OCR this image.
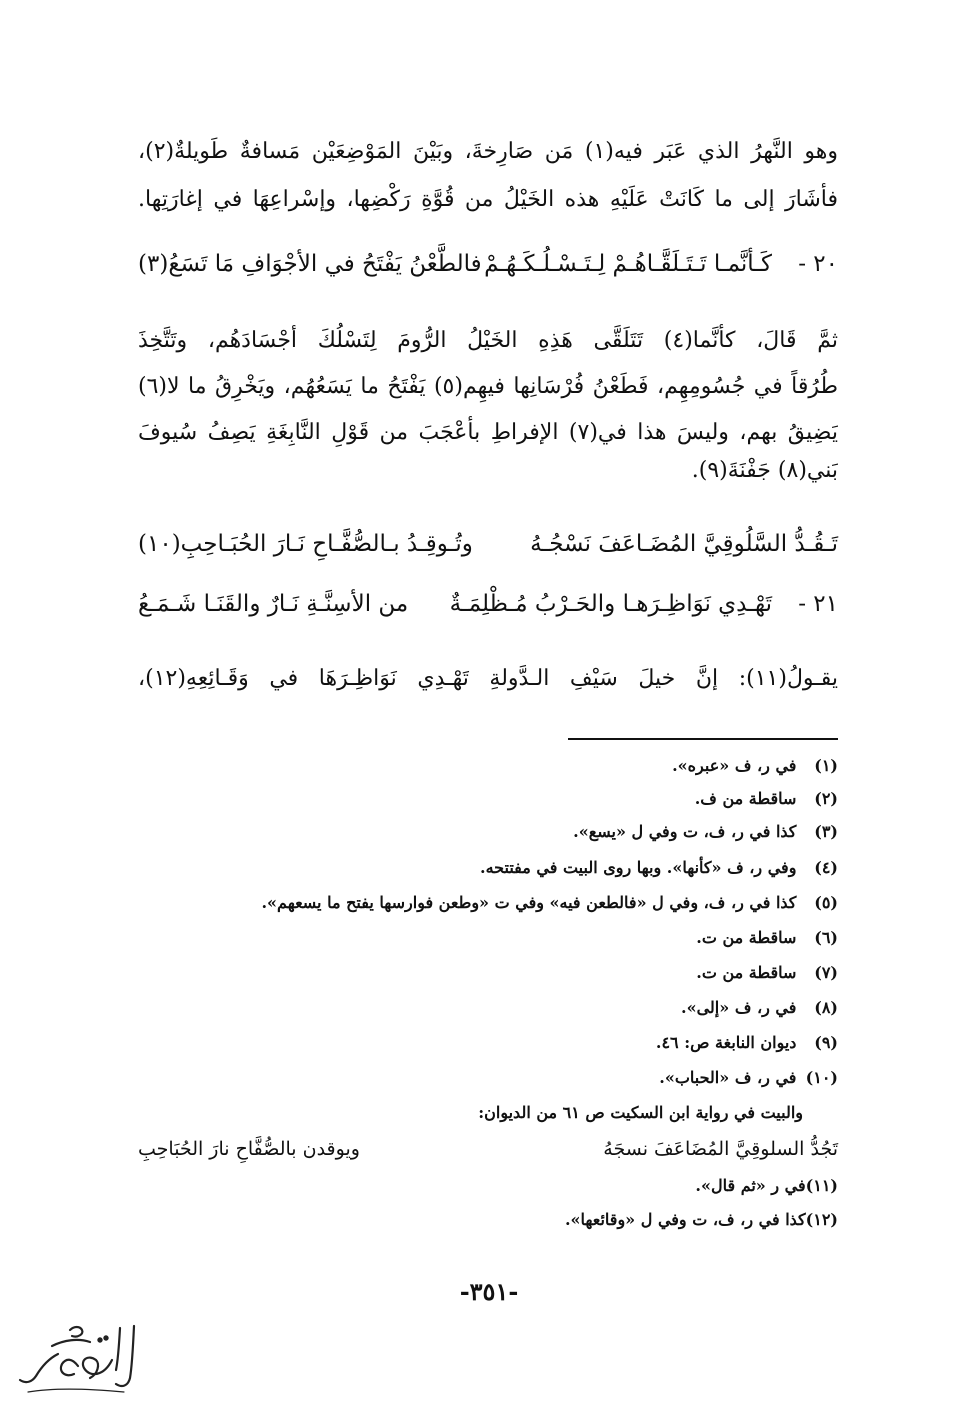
وهو النَّهرُ الذي عَبَر فيه(١) مَن صَارِخةَ، وبَيْنَ المَوْضِعَيْن مَسافةٌ طَويلةٌ(٢)،
فأشَارَ إلى ما كَانَتْ عَلَيْهِ هذه الخَيْلُ من قُوَّةِ رَكْضِها، وإسْراعِهَا في إغارَتِها.
٢٠ -
كَـأنَّمـا تَـتَـلَقَّـاهُـمْ لِـتَـسْـلُـكَـهُـمْ
فالطَّعْنُ يَفْتَحُ في الأجْوَافِ مَا تَسَعُ(٣)
ثمَّ قَالَ، كأنَّما(٤) تَتَلَقَّى هَذِهِ الخَيْلُ الرُّومَ لِتَسْلُكَ أجْسَادَهُم، وتَتَّخِذَ
طُرُقاً في جُسُومِهِم، فَطَعْنُ فُرْسَانِها فيهِم(٥) يَفْتَحُ ما يَسَعُهُم، ويَخْرِقُ ما لا(٦)
يَضِيقُ بهم، وليسَ هذا في(٧) الإفراطِ بأعْجَبَ من قَوْلِ النَّابِغَةِ يَصِفُ سُيوفَ
بَني(٨) جَفْنَةَ(٩).
تَـقُـدُّ السَّلُوقِيَّ المُضَـاعَفَ نَسْجُـهُ
وتُـوقِـدُ بـالصُّفَّـاحِ نَـارَ الحُبَـاحِبِ(١٠)
٢١ -
تَهْـدِي نَوَاظِـرَهـا والحَـرْبُ مُـظْلِمَـةٌ
من الأسِنَّـةِ نَـارٌ والقَنَـا شَـمَـعُ
يقـولُ(١١): إنَّ خيلَ سَيْفِ الـدَّولةِ تَهْـدِي نَوَاظِـرَهَا في وَقَـائِعِهِ(١٢)،
(١) في ر، ف «عبره».
(٢) ساقطة من ف.
(٣) كذا في ر، ف، ت وفي ل «يسع».
(٤) وفي ر، ف «كأنها». وبها روى البيت في مفتتحه.
(٥) كذا في ر، ف، وفي ل «فالطعن فيه» وفي ت «وطعن فوارسها يفتح ما يسعهم».
(٦) ساقطة من ت.
(٧) ساقطة من ت.
(٨) في ر، ف «إلى».
(٩) ديوان النابغة ص: ٤٦.
(١٠) في ر، ف «الحباب».
والبيت في رواية ابن السكيت ص ٦١ من الديوان:
تَجُدُّ السلوقِيَّ المُضَاعَفَ نسجَهُ
ويوقدن بالصُّفَّاحِ نارَ الحُبَاحِبِ
(١١)في ر «ثم قال».
(١٢)كذا في ر، ف، ت وفي ل «وقائعها».
-٣٥١-
